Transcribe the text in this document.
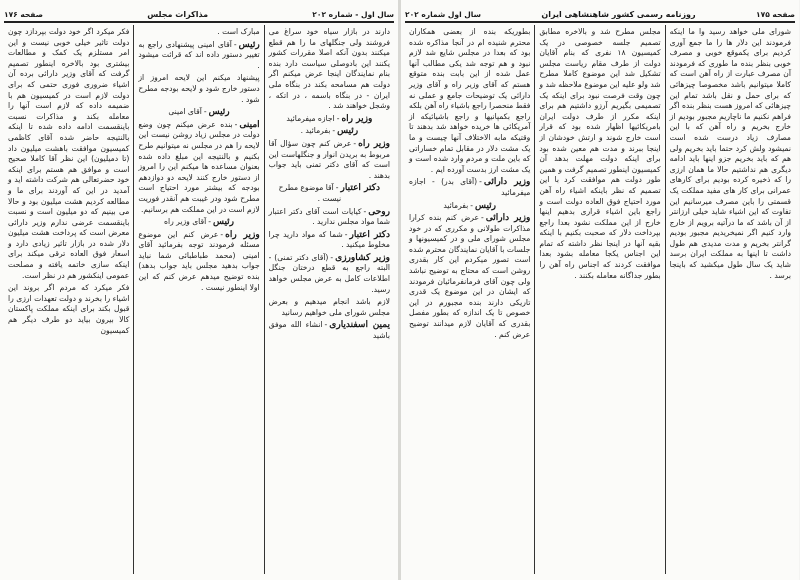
سال اول - شماره ۲۰۲
مذاکرات مجلس
صفحه ۱۷۶

دارند در بازار سیاه خود سراغ می فروشند ولی جنگلهای ما را هم قطع میکنند بدون آنکه اصلا مقررات کشور یکنند این بادوصلی سیاست دارد بنده بنام نمایندگان اینجا عرض میکنم اگر دولت هم مسامحه بکند در بنگاه ملی ایران - در بنگاه باسمه ، در اتکه ، وشجل خواهند شد .

وزیر راه-اجازه میفرمائید

رئیس-بفرمائید .

وزیر راه-عرض کنم چون سؤال آقا مربوط به بریدن انوار و جنگلهاست این است که آقای دکتر تمنی باید جواب بدهند .

دکتر اعتبار-آقا موضوع مطرح نیست .

روحی-کیایات است آقای دکتر اعتبار شما مواد مجلس ندارید .

دکتر اعتبار-شما که مواد دارید چرا مخلوط میکنید .

وزیر کشاورزی-(آقای دکتر تمنی) - البته راجع به قطع درختان جنگل اطلاعات کامل به عرض مجلس خواهد رسید.

لازم باشد انجام میدهیم و بعرض مجلس شورای ملی خواهیم رسانید

یمین اسفندیاری-انشاء الله موفق باشید

مبارک است .

رئیس-آقای امینی پیشنهادی راجع به تغییر دستور داده اند که قرائت میشود .

پیشنهاد میکنم این لایحه امروز از دستور خارج شود و لایحه بودجه مطرح شود .

رئیس-آقای امینی

امینی-بنده عرض میکنم چون وضع دولت در مجلس زیاد روشن نیست این لایحه را هم در مجلس نه میتوانیم طرح بکنیم و بالنتیجه این مبلغ داده شده بعنوان مساعده ها میکنم این را امروز از دستور خارج کنند لایحه دو دوازدهم بودجه که بیشتر مورد احتیاج است مطرح شود ودر غیبت هم آنقدر فوریت لازم است در این مملکت هم برسانیم.

رئیس-آقای وزیر راه

وزیر راه-عرض کنم این موضوع مسئله فرمودند توجه بفرمائید آقای امینی (محمد طباطبائی شما نباید جواب بدهید مجلس باید جواب بدهد) بنده توضیح میدهم عرض کنم که این اولا اینطور نیست .

فکر میکرد اگر خود دولت بپردازد چون دولت تاثیر خیلی خوبی نیست و این امر مستلزم یک کمک و مطالعات بیشتری بود بالاخره اینطور تصمیم گرفت که آقای وزیر دارائی برده آن اشیاء ضروری فوری حتمی که برای دولت لازم است در کمیسیون هم با ضمیمه داده که لازم است آنها را معامله بکند و مذاکرات نسبت باینقسمت ادامه داده شده تا اینکه بالنتیجه حاضر شده آقای کاظمی کمیسیون موافقت باهشت میلیون داد (تا دمیلیون) این نظر آقا کاملا صحیح است و موافق هم هستم برای اینکه خود حضرتعالی هم شرکت داشته اید و آمدید در این که آوردند برای ما و مطالعه کردیم هشت میلیون بود و حالا می بینیم که دو میلیون است و نسبت باینقسمت عرضی ندارم وزیر دارائی معرض است که پرداخت هشت میلیون دلار شده در بازار تاثیر زیادی دارد و اسعار فوق العاده ترقی میکند برای اینکه سازی خاتمه یافته و مصلحت عمومی اینکشور هم در نظر است.

فکر میکرد که مردم اگر بروند این اشیاء را بخرند و دولت تعهدات ارزی را قبول بکند برای اینکه مملکت پاکستان کالا بیرون بیاید دو طرف دیگر هم کمیسیون

صفحه ۱۷۵
روزنامه رسمی کشور شاهنشاهی ایران
سال اول شماره ۲۰۲

شورای ملی خواهد رسید وا ما اینکه فرمودند این دلار ها را ما جمع آوری کردیم برای یکموقع خوبی و مصرف خوبی بنظر بنده ما طوری که فرمودند آن مصرف عبارت از راه آهن است که کاملا میتوانیم باشد مخصوصا چیزهائی که برای حمل و نقل باشد تمام این چیزهائی که امروز هست بنظر بنده اگر فراهم نکنیم ما ناچاریم مجبور بودیم از خارج بخریم و راه آهن که با این مصارف زیاد درست شده است نمیشود ولش کرد حتما باید بخریم ولی هم که باید بخریم جزو اینها باید ادامه دیگری هم نداشتیم حالا ما همان ارزی را که ذخیره کرده بودیم برای کارهای عمرانی برای کار های مفید مملکت یک قسمتی را باین مصرف میرسانیم این تفاوت که این اشیاء شاید خیلی ارزانتر از آن باشد که ما درآتیه برویم از خارج وارد کنیم اگر نمیخریدیم مجبور بودیم گرانتر بخریم و مدت مدیدی هم طول داشت تا اینها به مملکت ایران برسد شاید یک سال طول میکشید که باینجا برسد .

مجلس مطرح شد و بالاخره مطابق تصمیم جلسه خصوصی در یک کمیسیون ۱۸ نفری که بنام آقایان دولت از طرف مقام ریاست مجلس تشکیل شد این موضوع کاملا مطرح شد ولو علیه این موضوع ملاحظه شد و چون وقت فرصت نبود برای اینکه یک تصمیمی بگیریم آرزو داشتیم هم برای اینکه مکرر از طرف دولت ایران بامریکائیها اظهار شده بود که قرار است خارج شوند و ارتش خودشان از اینجا ببرند و مدت هم معین شده بود برای اینکه دولت مهلت بدهد آن کمیسیون اینطور تصمیم گرفت و همین طور دولت هم موافقت کرد با این تصمیم که نظر باینکه اشیاء راه آهن مورد احتیاج فوق العاده دولت است و راجع باین اشیاء قراری بدهیم اینها خارج از این مملکت نشود بعدا راجع بپرداخت دلار که صحبت بکنیم با اینکه بقیه آنها در اینجا نظر داشته که تمام این اجناس یکجا معامله بشود بعدا موافقت کردند که اجناس راه آهن را بطور جداگانه معامله بکنند .

بطوریکه بنده از بعضی همکاران محترم شنیده ام در آنجا مذاکره شده بود که بعدا در مجلس شایع شد لازم نبود و هم توجه شد یکی مطالب آنها عمل شده از این بابت بنده متوقع هستم که آقای وزیر راه و آقای وزیر دارائی یک توضیحات جامع و عملی نه فقط منحصرا راجع باشیاء راه آهن بلکه راجع بکمپانیها و راجع باشیائیکه از آمریکائی ها خریده خواهد شد بدهند تا وقتیکه مابه الاختلاف آنها چیست و ما یک مشت دلار در مقابل تمام خساراتی که باین ملت و مردم وارد شده است و یک مشت ارز بدست آورده ایم .

وزیر دارائی-(آقای بدر) - اجازه میفرمائید

رئیس-بفرمائید

وزیر دارائی-عرض کنم بنده کرارا مذاکرات طولانی و مکرری که در خود مجلس شورای ملی و در کمیسیونها و جلسات با آقایان نمایندگان محترم شده است تصور میکردم این کار بقدری روشن است که محتاج به توضیح نباشد ولی چون آقای فرمانفرمائیان فرمودند که ایشان در این موضوع یک قدری تاریکی دارند بنده مجبورم در این خصوص تا یک اندازه که بطور مفصل بقدری که آقایان لازم میدانند توضیح عرض کنم .
